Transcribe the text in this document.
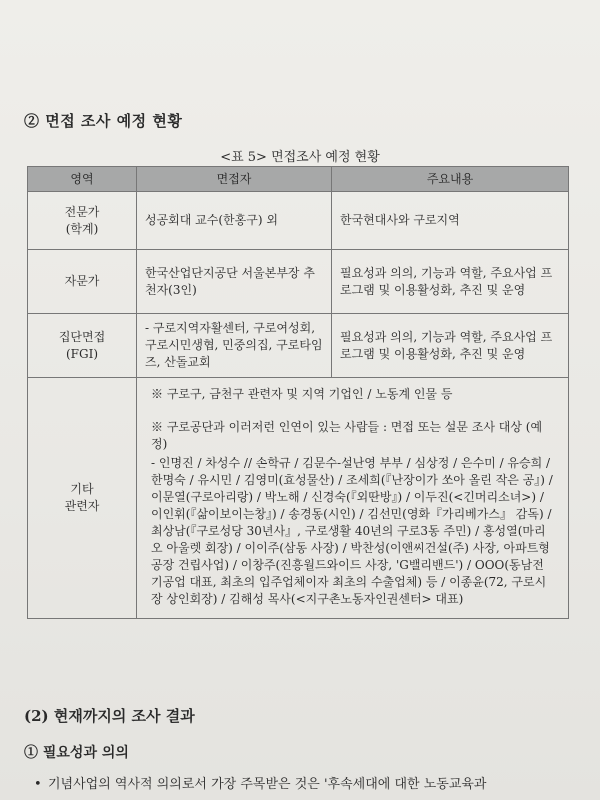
② 면접 조사 예정 현황
<표 5> 면접조사 예정 현황
영역	면접자	주요내용
전문가
(학계)	성공회대 교수(한홍구) 외	한국현대사와 구로지역
자문가	한국산업단지공단 서울본부장 추천자(3인)	필요성과 의의, 기능과 역할, 주요사업 프로그램 및 이용활성화, 추진 및 운영
집단면접
(FGI)	- 구로지역자활센터, 구로여성회, 구로시민생협, 민중의집, 구로타임즈, 산돌교회	필요성과 의의, 기능과 역할, 주요사업 프로그램 및 이용활성화, 추진 및 운영
기타
관련자	※ 구로구, 금천구 관련자 및 지역 기업인 / 노동계 인물 등
※ 구로공단과 이러저런 인연이 있는 사람들 : 면접 또는 설문 조사 대상 (예정)
- 인명진 / 차성수 // 손학규 / 김문수-설난영 부부 / 심상정 / 은수미 / 유승희 / 한명숙 / 유시민 / 김영미(효성물산) / 조세희(『난장이가 쏘아 올린 작은 공』) / 이문열(구로아리랑) / 박노해 / 신경숙(『외딴방』) / 이두진(<긴머리소녀>) / 이인휘(『삶이보이는창』) / 송경동(시인) / 김선민(영화『가리베가스』 감독) / 최상남(『구로성당 30년사』, 구로생활 40년의 구로3동 주민) / 홍성열(마리오 아울렛 회장) / 이이주(삼동 사장) / 박찬성(이앤씨건설(주) 사장, 아파트형 공장 건립사업) / 이창주(진흥월드와이드 사장, 'G밸리밴드') / OOO(동남전기공업 대표, 최초의 입주업체이자 최초의 수출업체) 등 / 이종윤(72, 구로시장 상인회장) / 김해성 목사(<지구촌노동자인권센터> 대표)	
(2) 현재까지의 조사 결과
① 필요성과 의의
• 기념사업의 역사적 의의로서 가장 주목받은 것은 '후속세대에 대한 노동교육과
